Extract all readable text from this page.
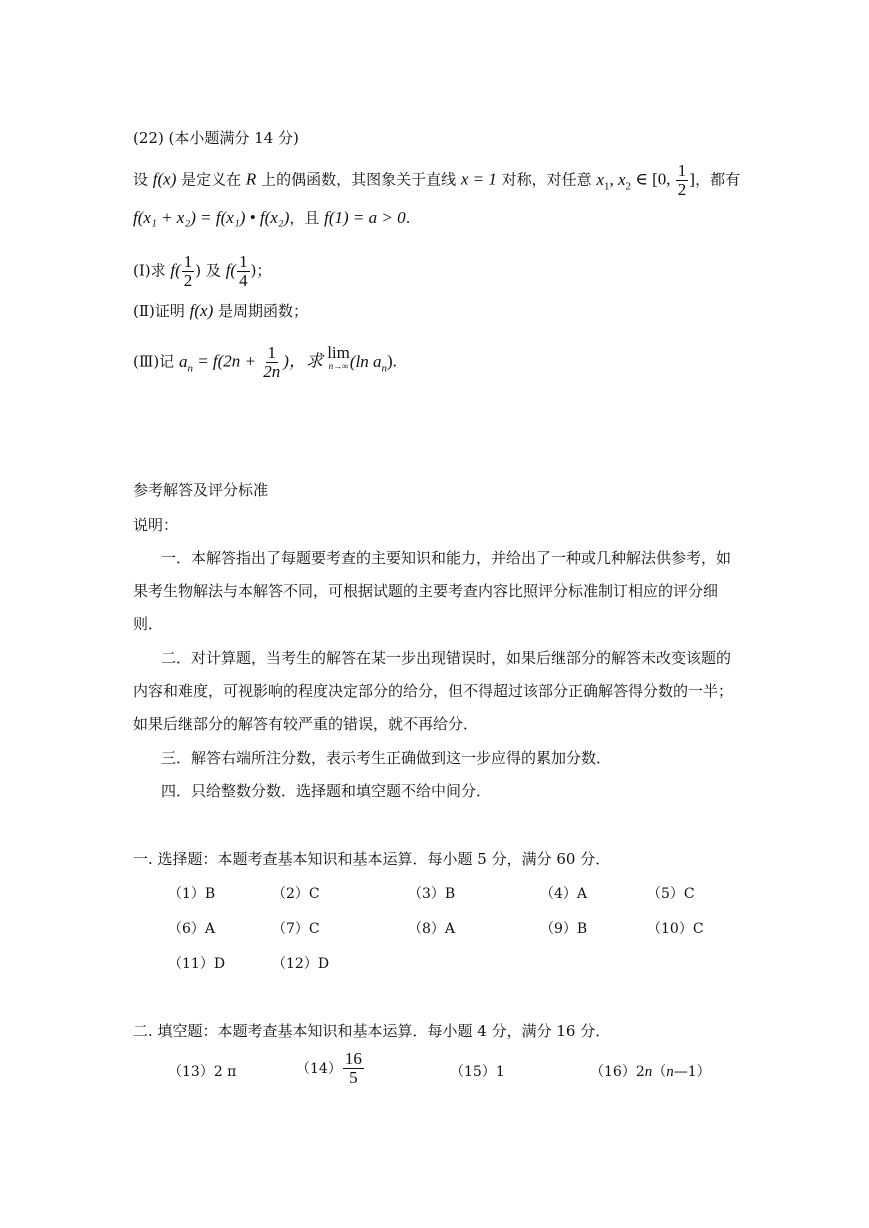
(22) (本小题满分 14 分)
设 f(x) 是定义在 R 上的偶函数，其图象关于直线 x = 1 对称，对任意 $x_1$, $x_2$ ∈ [0, $\frac{1}{2}$ ]，都有
f(x₁ + x₂) = f(x₁) • f(x₂)，且 f(1) = a > 0.
(Ⅰ)求 $f( \frac{1}{2}$ ) 及 $f( \frac{1}{4}$ )；
(Ⅱ)证明 f(x) 是周期函数；
(Ⅲ)记 $a_n = f(2n + \frac{1}{2n}$ )，求 lim
n→∞ (ln $a_n$).
参考解答及评分标准
说明：
一．本解答指出了每题要考查的主要知识和能力，并给出了一种或几种解法供参考，如
果考生物解法与本解答不同，可根据试题的主要考查内容比照评分标准制订相应的评分细
则．
二．对计算题，当考生的解答在某一步出现错误时，如果后继部分的解答未改变该题的
内容和难度，可视影响的程度决定部分的给分，但不得超过该部分正确解答得分数的一半；
如果后继部分的解答有较严重的错误，就不再给分．
三．解答右端所注分数，表示考生正确做到这一步应得的累加分数．
四．只给整数分数．选择题和填空题不给中间分．
一. 选择题：本题考查基本知识和基本运算．每小题 5 分，满分 60 分．
（1）B	（2）C	（3）B	（4）A	（5）C
（6）A	（7）C	（8）A	（9）B	（10）C
（11）D	（12）D
二. 填空题：本题考查基本知识和基本运算．每小题 4 分，满分 16 分．
（13）2 π	$(14) \frac{16}{5}$	（15）1	（16）2n（n—1）
